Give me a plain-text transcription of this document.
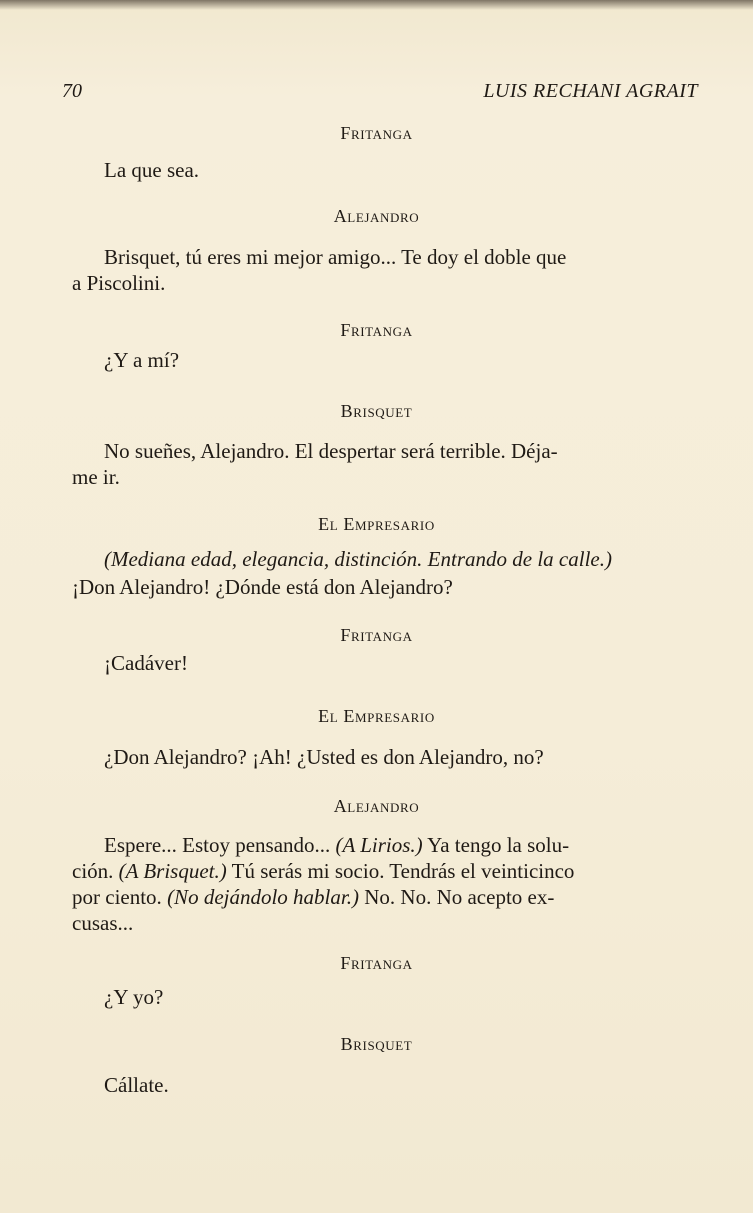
70	LUIS RECHANI AGRAIT
Fritanga
La que sea.
Alejandro
Brisquet, tú eres mi mejor amigo... Te doy el doble que
a Piscolini.
Fritanga
¿Y a mí?
Brisquet
No sueñes, Alejandro. El despertar será terrible. Déja-
me ir.
El Empresario
(Mediana edad, elegancia, distinción. Entrando de la calle.)
¡Don Alejandro! ¿Dónde está don Alejandro?
Fritanga
¡Cadáver!
El Empresario
¿Don Alejandro? ¡Ah! ¿Usted es don Alejandro, no?
Alejandro
Espere... Estoy pensando... (A Lirios.) Ya tengo la solu-
ción. (A Brisquet.) Tú serás mi socio. Tendrás el veinticinco
por ciento. (No dejándolo hablar.) No. No. No acepto ex-
cusas...
Fritanga
¿Y yo?
Brisquet
Cállate.
